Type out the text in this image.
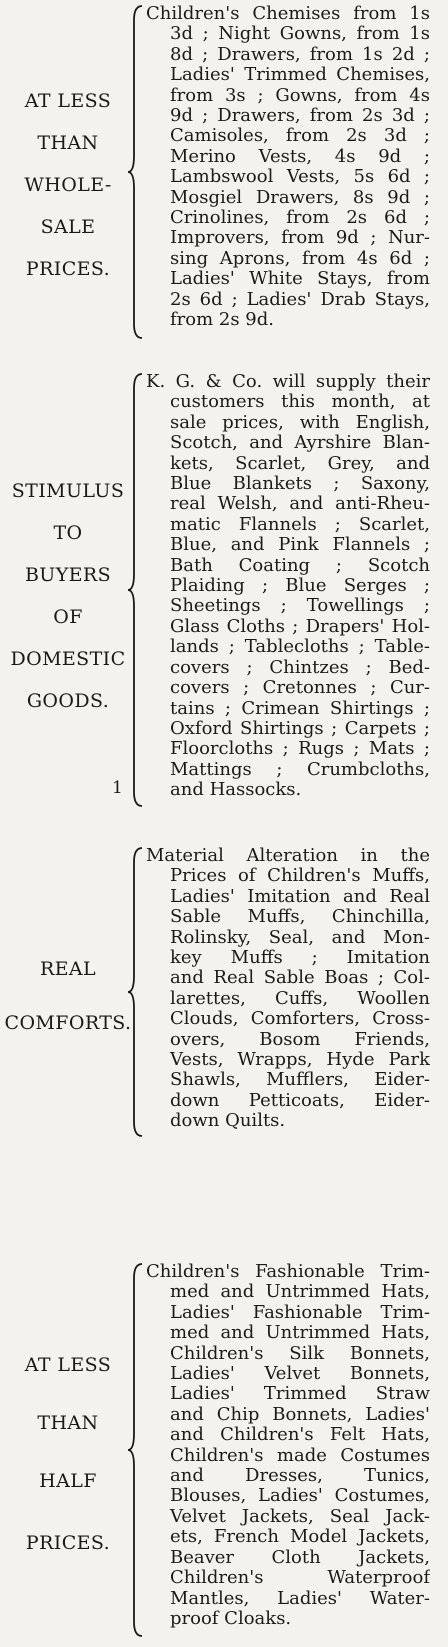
AT LESS
THAN
WHOLE-
SALE
PRICES.
Children's Chemises from 1s
3d ; Night Gowns, from 1s
8d ; Drawers, from 1s 2d ;
Ladies' Trimmed Chemises,
from 3s ; Gowns, from 4s
9d ; Drawers, from 2s 3d ;
Camisoles, from 2s 3d ;
Merino Vests, 4s 9d ;
Lambswool Vests, 5s 6d ;
Mosgiel Drawers, 8s 9d ;
Crinolines, from 2s 6d ;
Improvers, from 9d ; Nur-
sing Aprons, from 4s 6d ;
Ladies' White Stays, from
2s 6d ; Ladies' Drab Stays,
from 2s 9d.
STIMULUS
TO
BUYERS
OF
DOMESTIC
GOODS.
1
K. G. & Co. will supply their
customers this month, at
sale prices, with English,
Scotch, and Ayrshire Blan-
kets, Scarlet, Grey, and
Blue Blankets ; Saxony,
real Welsh, and anti-Rheu-
matic Flannels ; Scarlet,
Blue, and Pink Flannels ;
Bath Coating ; Scotch
Plaiding ; Blue Serges ;
Sheetings ; Towellings ;
Glass Cloths ; Drapers' Hol-
lands ; Tablecloths ; Table-
covers ; Chintzes ; Bed-
covers ; Cretonnes ; Cur-
tains ; Crimean Shirtings ;
Oxford Shirtings ; Carpets ;
Floorcloths ; Rugs ; Mats ;
Mattings ; Crumbcloths,
and Hassocks.
REAL
COMFORTS.
Material Alteration in the
Prices of Children's Muffs,
Ladies' Imitation and Real
Sable Muffs, Chinchilla,
Rolinsky, Seal, and Mon-
key Muffs ; Imitation
and Real Sable Boas ; Col-
larettes, Cuffs, Woollen
Clouds, Comforters, Cross-
overs, Bosom Friends,
Vests, Wrapps, Hyde Park
Shawls, Mufflers, Eider-
down Petticoats, Eider-
down Quilts.
AT LESS
THAN
HALF
PRICES.
Children's Fashionable Trim-
med and Untrimmed Hats,
Ladies' Fashionable Trim-
med and Untrimmed Hats,
Children's Silk Bonnets,
Ladies' Velvet Bonnets,
Ladies' Trimmed Straw
and Chip Bonnets, Ladies'
and Children's Felt Hats,
Children's made Costumes
and Dresses, Tunics,
Blouses, Ladies' Costumes,
Velvet Jackets, Seal Jack-
ets, French Model Jackets,
Beaver Cloth Jackets,
Children's Waterproof
Mantles, Ladies' Water-
proof Cloaks.
